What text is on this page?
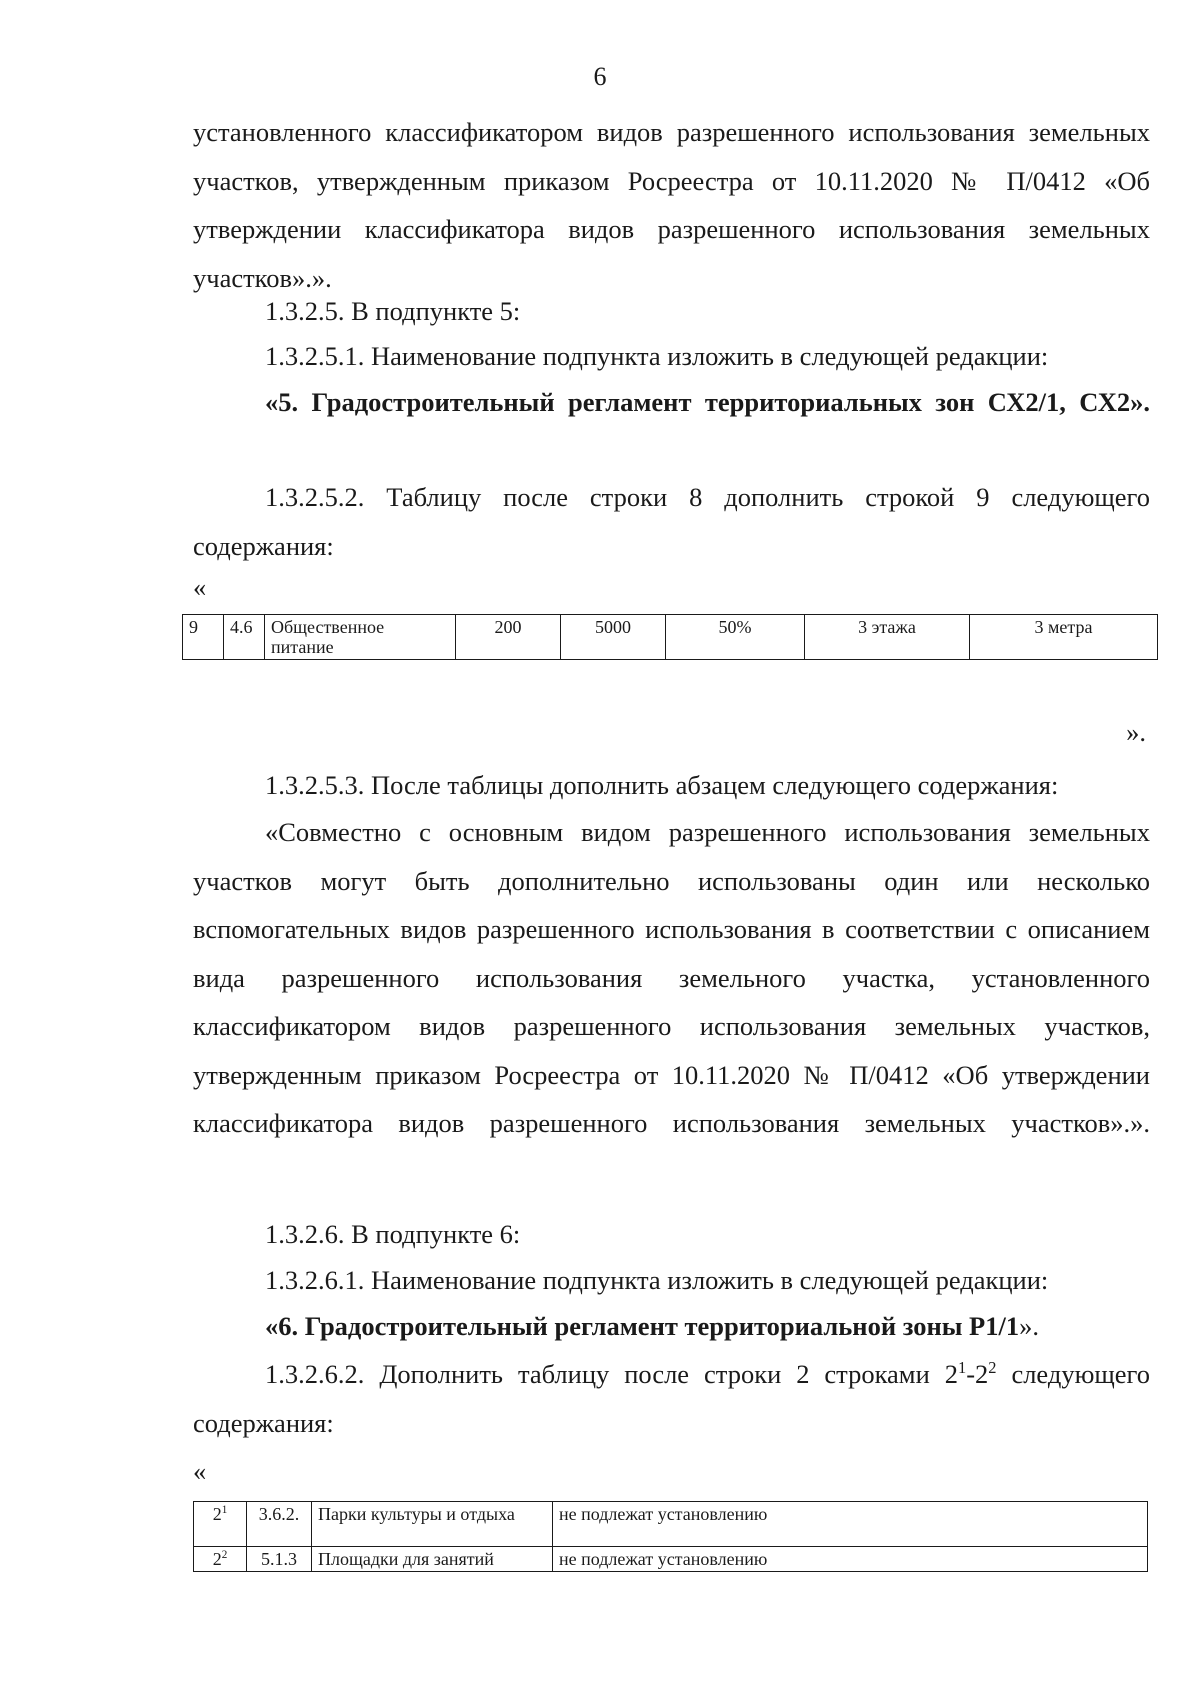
6
установленного классификатором видов разрешенного использования земельных участков, утвержденным приказом Росреестра от 10.11.2020 № П/0412 «Об утверждении классификатора видов разрешенного использования земельных участков».».
1.3.2.5. В подпункте 5:
1.3.2.5.1. Наименование подпункта изложить в следующей редакции:
«5. Градостроительный регламент территориальных зон СХ2/1, СХ2».
1.3.2.5.2. Таблицу после строки 8 дополнить строкой 9 следующего содержания:
«
9	4.6	Общественное питание	200	5000	50%	3 этажа	3 метра
».
1.3.2.5.3. После таблицы дополнить абзацем следующего содержания:
«Совместно с основным видом разрешенного использования земельных участков могут быть дополнительно использованы один или несколько вспомогательных видов разрешенного использования в соответствии с описанием вида разрешенного использования земельного участка, установленного классификатором видов разрешенного использования земельных участков, утвержденным приказом Росреестра от 10.11.2020 № П/0412 «Об утверждении классификатора видов разрешенного использования земельных участков».».
1.3.2.6. В подпункте 6:
1.3.2.6.1. Наименование подпункта изложить в следующей редакции:
«6. Градостроительный регламент территориальной зоны Р1/1».
1.3.2.6.2. Дополнить таблицу после строки 2 строками $2^1-2^2$ следующего содержания:
«
$2^1$	3.6.2.	Парки культуры и отдыха	не подлежат установлению
$2^2$	5.1.3	Площадки для занятий	не подлежат установлению
